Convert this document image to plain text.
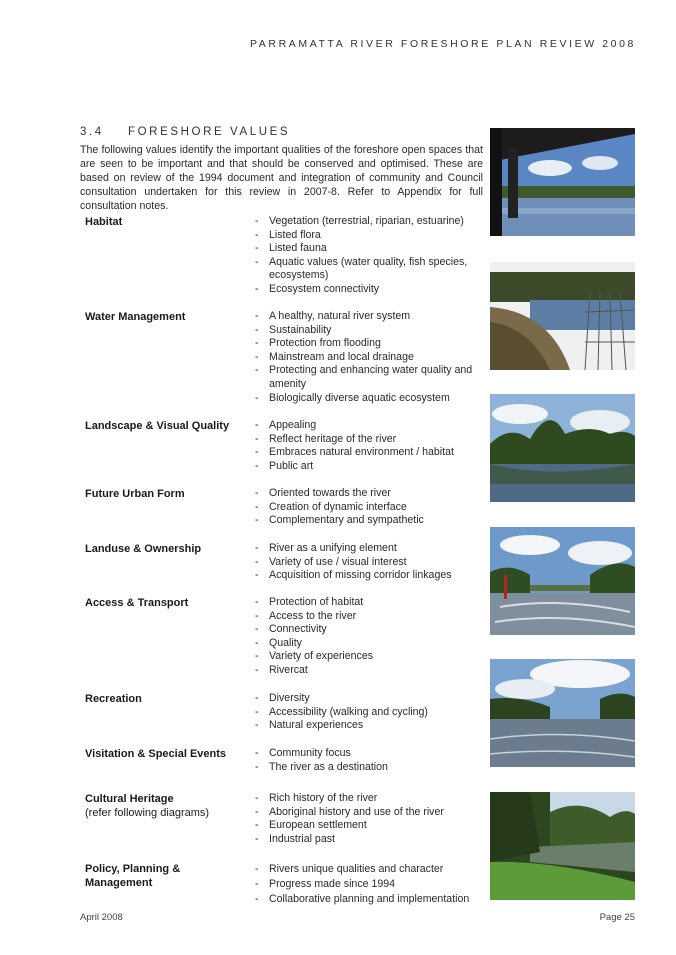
PARRAMATTA RIVER FORESHORE PLAN REVIEW 2008
3.4 FORESHORE VALUES
The following values identify the important qualities of the foreshore open spaces that are seen to be important and that should be conserved and optimised. These are based on review of the 1994 document and integration of community and Council consultation undertaken for this review in 2007-8. Refer to Appendix for full consultation notes.
Habitat	- Vegetation (terrestrial, riparian, estuarine)
- Listed flora
- Listed fauna
- Aquatic values (water quality, fish species, ecosystems)
- Ecosystem connectivity
Water Management	- A healthy, natural river system
- Sustainability
- Protection from flooding
- Mainstream and local drainage
- Protecting and enhancing water quality and amenity
- Biologically diverse aquatic ecosystem
Landscape & Visual Quality	- Appealing
- Reflect heritage of the river
- Embraces natural environment / habitat
- Public art
Future Urban Form	- Oriented towards the river
- Creation of dynamic interface
- Complementary and sympathetic
Landuse & Ownership	- River as a unifying element
- Variety of use / visual interest
- Acquisition of missing corridor linkages
Access & Transport	- Protection of habitat
- Access to the river
- Connectivity
- Quality
- Variety of experiences
- Rivercat
Recreation	- Diversity
- Accessibility (walking and cycling)
- Natural experiences
Visitation & Special Events	- Community focus
- The river as a destination
Cultural Heritage
(refer following diagrams)
- Rich history of the river
- Aboriginal history and use of the river
- European settlement
- Industrial past
Policy, Planning &
Management
- Rivers unique qualities and character
- Progress made since 1994
- Collaborative planning and implementation
April 2008	Page 25
